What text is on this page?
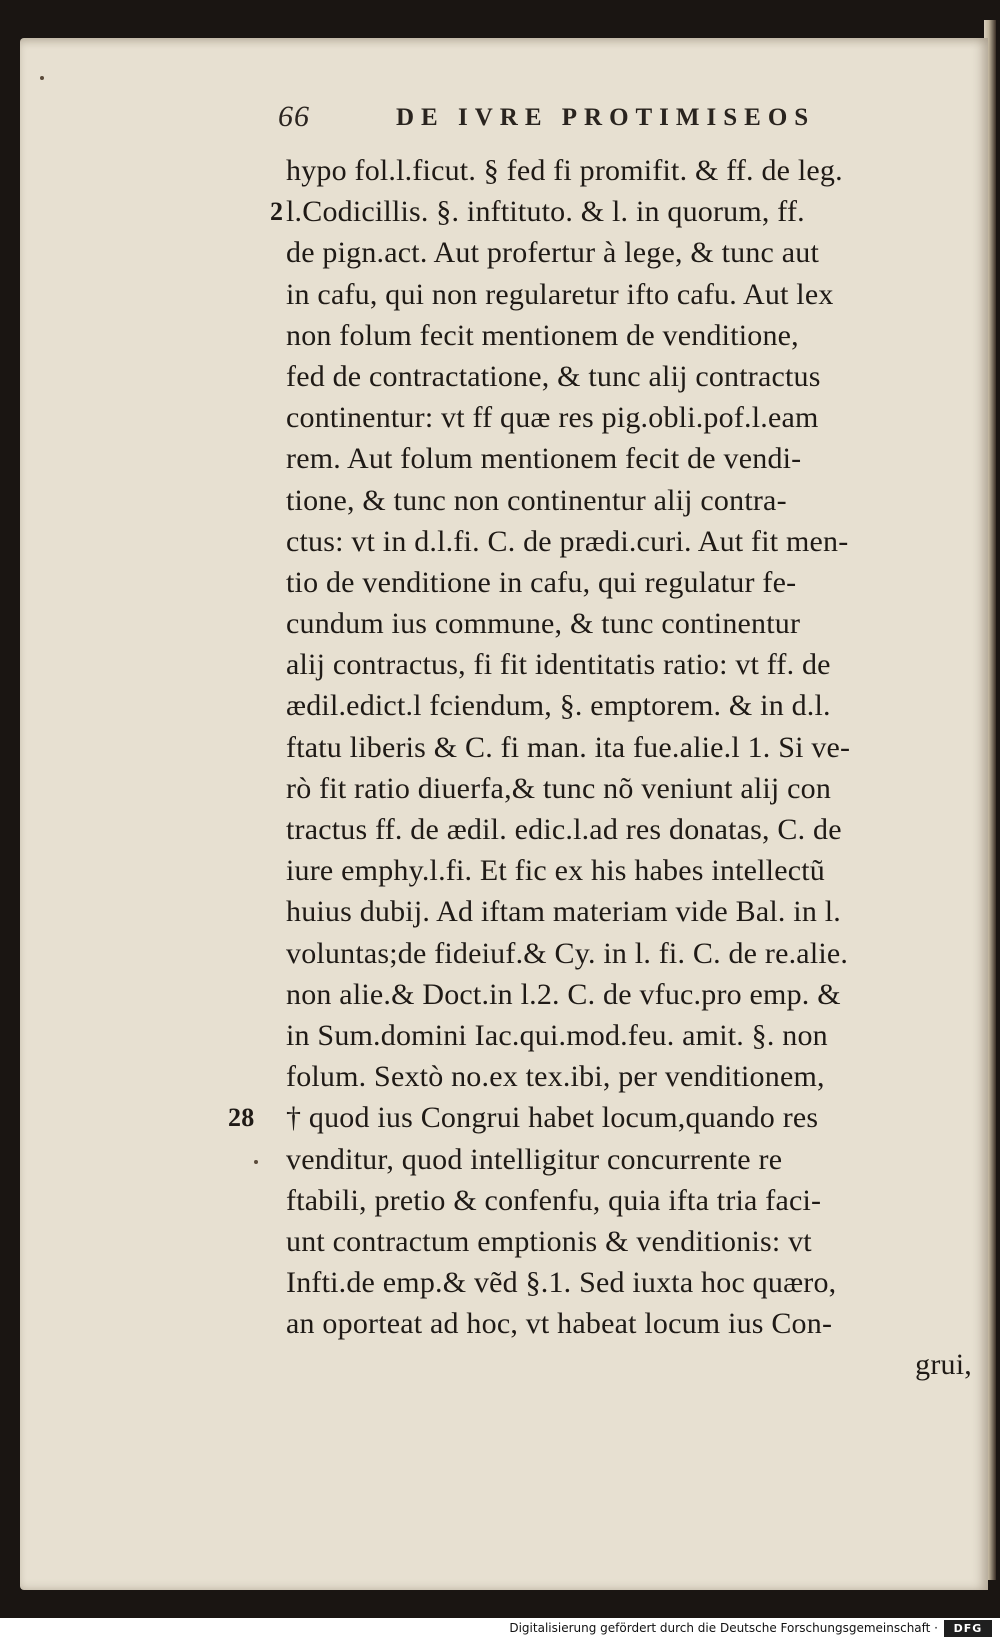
66	DE IVRE PROTIMISEOS
hypo fol.l.ficut. § fed fi promifit. & ff. de leg.
2 l.Codicillis. §. inftituto. & l. in quorum, ff.
de pign.act. Aut profertur à lege, & tunc aut
in cafu, qui non regularetur ifto cafu. Aut lex
non folum fecit mentionem de venditione,
fed de contractatione, & tunc alij contractus
continentur: vt ff quæ res pig.obli.pof.l.eam
rem. Aut folum mentionem fecit de vendi-
tione, & tunc non continentur alij contra-
ctus: vt in d.l.fi. C. de prædi.curi. Aut fit men-
tio de venditione in cafu, qui regulatur fe-
cundum ius commune, & tunc continentur
alij contractus, fi fit identitatis ratio: vt ff. de
ædil.edict.l fciendum, §. emptorem. & in d.l.
ftatu liberis & C. fi man. ita fue.alie.l 1. Si ve-
rò fit ratio diuerfa,& tunc nõ veniunt alij con
tractus ff. de ædil. edic.l.ad res donatas, C. de
iure emphy.l.fi. Et fic ex his habes intellectũ
huius dubij. Ad iftam materiam vide Bal. in l.
voluntas;de fideiuf.& Cy. in l. fi. C. de re.alie.
non alie.& Doct.in l.2. C. de vfuc.pro emp. &
in Sum.domini Iac.qui.mod.feu. amit. §. non
folum. Sextò no.ex tex.ibi, per venditionem,
28 † quod ius Congrui habet locum,quando res
venditur, quod intelligitur concurrente re
ftabili, pretio & confenfu, quia ifta tria faci-
unt contractum emptionis & venditionis: vt
Infti.de emp.& vẽd §.1. Sed iuxta hoc quæro,
an oporteat ad hoc, vt habeat locum ius Con-
grui,
Digitalisierung gefördert durch die Deutsche Forschungsgemeinschaft ·	DFG
